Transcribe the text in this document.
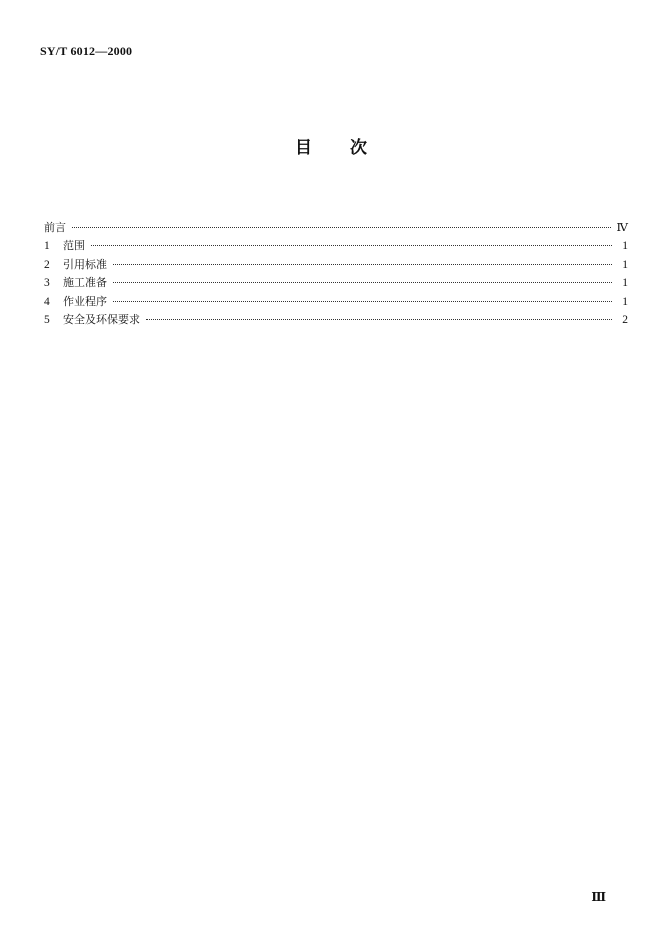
SY/T 6012—2000
目 次
前言	Ⅳ
1	范围	1
2	引用标准	1
3	施工准备	1
4	作业程序	1
5	安全及环保要求	2
Ⅲ
